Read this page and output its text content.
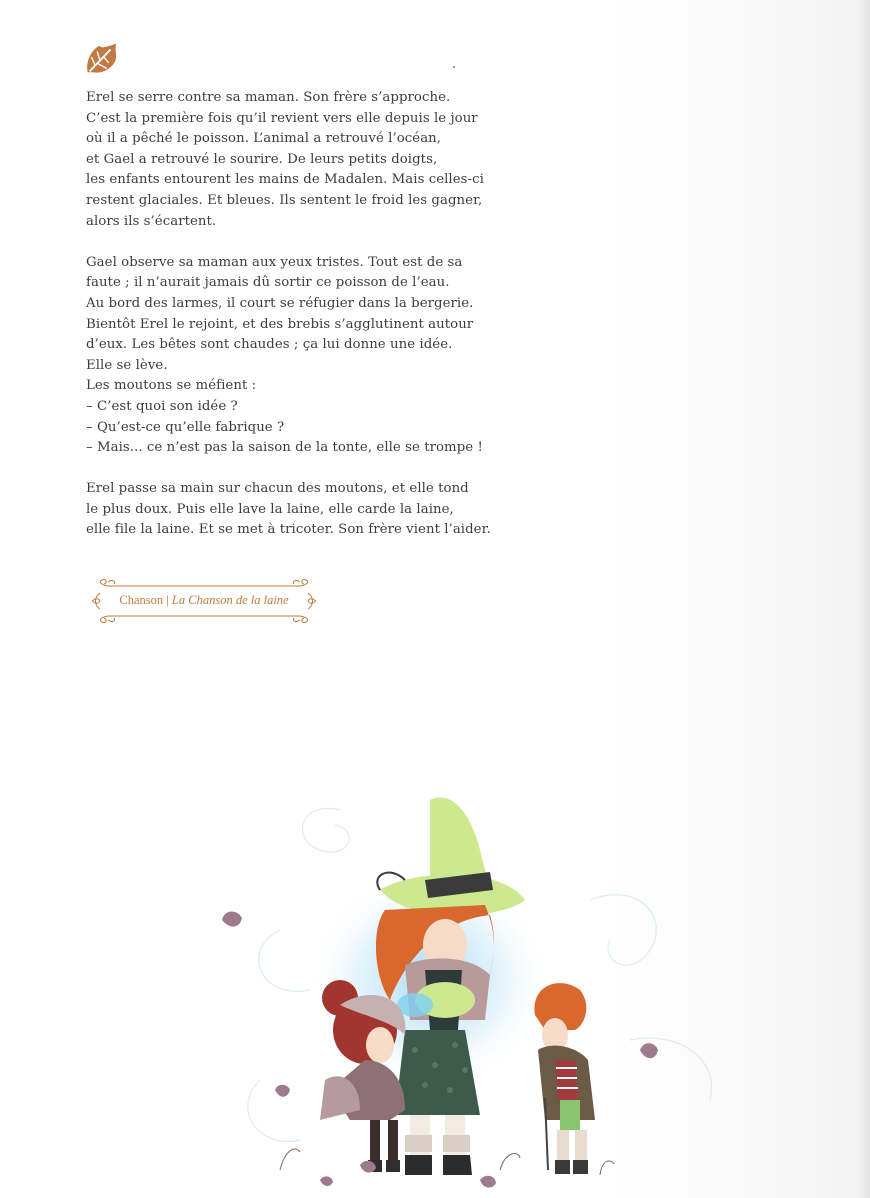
Erel se serre contre sa maman. Son frère s’approche.
C’est la première fois qu’il revient vers elle depuis le jour
où il a pêché le poisson. L’animal a retrouvé l’océan,
et Gael a retrouvé le sourire. De leurs petits doigts,
les enfants entourent les mains de Madalen. Mais celles-ci
restent glaciales. Et bleues. Ils sentent le froid les gagner,
alors ils s’écartent.

Gael observe sa maman aux yeux tristes. Tout est de sa
faute ; il n’aurait jamais dû sortir ce poisson de l’eau.
Au bord des larmes, il court se réfugier dans la bergerie.
Bientôt Erel le rejoint, et des brebis s’agglutinent autour
d’eux. Les bêtes sont chaudes ; ça lui donne une idée.
Elle se lève.
Les moutons se méfient :
– C’est quoi son idée ?
– Qu’est-ce qu’elle fabrique ?
– Mais... ce n’est pas la saison de la tonte, elle se trompe !

Erel passe sa main sur chacun des moutons, et elle tond
le plus doux. Puis elle lave la laine, elle carde la laine,
elle file la laine. Et se met à tricoter. Son frère vient l’aider.

Chanson | La Chanson de la laine
